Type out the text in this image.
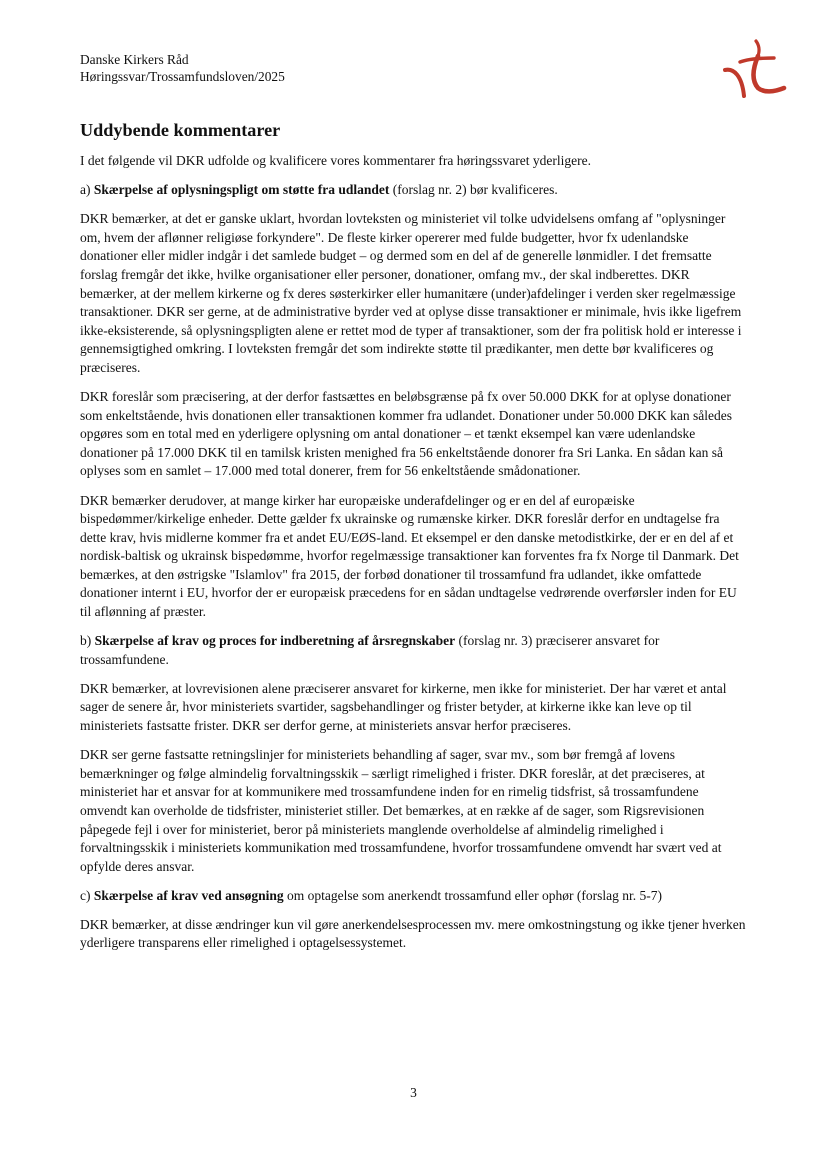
Danske Kirkers Råd
Høringssvar/Trossamfundsloven/2025
Uddybende kommentarer

I det følgende vil DKR udfolde og kvalificere vores kommentarer fra høringssvaret yderligere.

a) Skærpelse af oplysningspligt om støtte fra udlandet (forslag nr. 2) bør kvalificeres.

DKR bemærker, at det er ganske uklart, hvordan lovteksten og ministeriet vil tolke udvidelsens omfang af "oplysninger om, hvem der aflønner religiøse forkyndere". De fleste kirker opererer med fulde budgetter, hvor fx udenlandske donationer eller midler indgår i det samlede budget – og dermed som en del af de generelle lønmidler. I det fremsatte forslag fremgår det ikke, hvilke organisationer eller personer, donationer, omfang mv., der skal indberettes. DKR bemærker, at der mellem kirkerne og fx deres søsterkirker eller humanitære (under)afdelinger i verden sker regelmæssige transaktioner. DKR ser gerne, at de administrative byrder ved at oplyse disse transaktioner er minimale, hvis ikke ligefrem ikke-eksisterende, så oplysningspligten alene er rettet mod de typer af transaktioner, som der fra politisk hold er interesse i gennemsigtighed omkring. I lovteksten fremgår det som indirekte støtte til prædikanter, men dette bør kvalificeres og præciseres.

DKR foreslår som præcisering, at der derfor fastsættes en beløbsgrænse på fx over 50.000 DKK for at oplyse donationer som enkeltstående, hvis donationen eller transaktionen kommer fra udlandet. Donationer under 50.000 DKK kan således opgøres som en total med en yderligere oplysning om antal donationer – et tænkt eksempel kan være udenlandske donationer på 17.000 DKK til en tamilsk kristen menighed fra 56 enkeltstående donorer fra Sri Lanka. En sådan kan så oplyses som en samlet – 17.000 med total donerer, frem for 56 enkeltstående smådonationer.

DKR bemærker derudover, at mange kirker har europæiske underafdelinger og er en del af europæiske bispedømmer/kirkelige enheder. Dette gælder fx ukrainske og rumænske kirker. DKR foreslår derfor en undtagelse fra dette krav, hvis midlerne kommer fra et andet EU/EØS-land. Et eksempel er den danske metodistkirke, der er en del af et nordisk-baltisk og ukrainsk bispedømme, hvorfor regelmæssige transaktioner kan forventes fra fx Norge til Danmark. Det bemærkes, at den østrigske "Islamlov" fra 2015, der forbød donationer til trossamfund fra udlandet, ikke omfattede donationer internt i EU, hvorfor der er europæisk præcedens for en sådan undtagelse vedrørende overførsler inden for EU til aflønning af præster.

b) Skærpelse af krav og proces for indberetning af årsregnskaber (forslag nr. 3) præciserer ansvaret for trossamfundene.

DKR bemærker, at lovrevisionen alene præciserer ansvaret for kirkerne, men ikke for ministeriet. Der har været et antal sager de senere år, hvor ministeriets svartider, sagsbehandlinger og frister betyder, at kirkerne ikke kan leve op til ministeriets fastsatte frister. DKR ser derfor gerne, at ministeriets ansvar herfor præciseres.

DKR ser gerne fastsatte retningslinjer for ministeriets behandling af sager, svar mv., som bør fremgå af lovens bemærkninger og følge almindelig forvaltningsskik – særligt rimelighed i frister. DKR foreslår, at det præciseres, at ministeriet har et ansvar for at kommunikere med trossamfundene inden for en rimelig tidsfrist, så trossamfundene omvendt kan overholde de tidsfrister, ministeriet stiller. Det bemærkes, at en række af de sager, som Rigsrevisionen påpegede fejl i over for ministeriet, beror på ministeriets manglende overholdelse af almindelig rimelighed i forvaltningsskik i ministeriets kommunikation med trossamfundene, hvorfor trossamfundene omvendt har svært ved at opfylde deres ansvar.

c) Skærpelse af krav ved ansøgning om optagelse som anerkendt trossamfund eller ophør (forslag nr. 5-7)

DKR bemærker, at disse ændringer kun vil gøre anerkendelsesprocessen mv. mere omkostningstung og ikke tjener hverken yderligere transparens eller rimelighed i optagelsessystemet.

3
